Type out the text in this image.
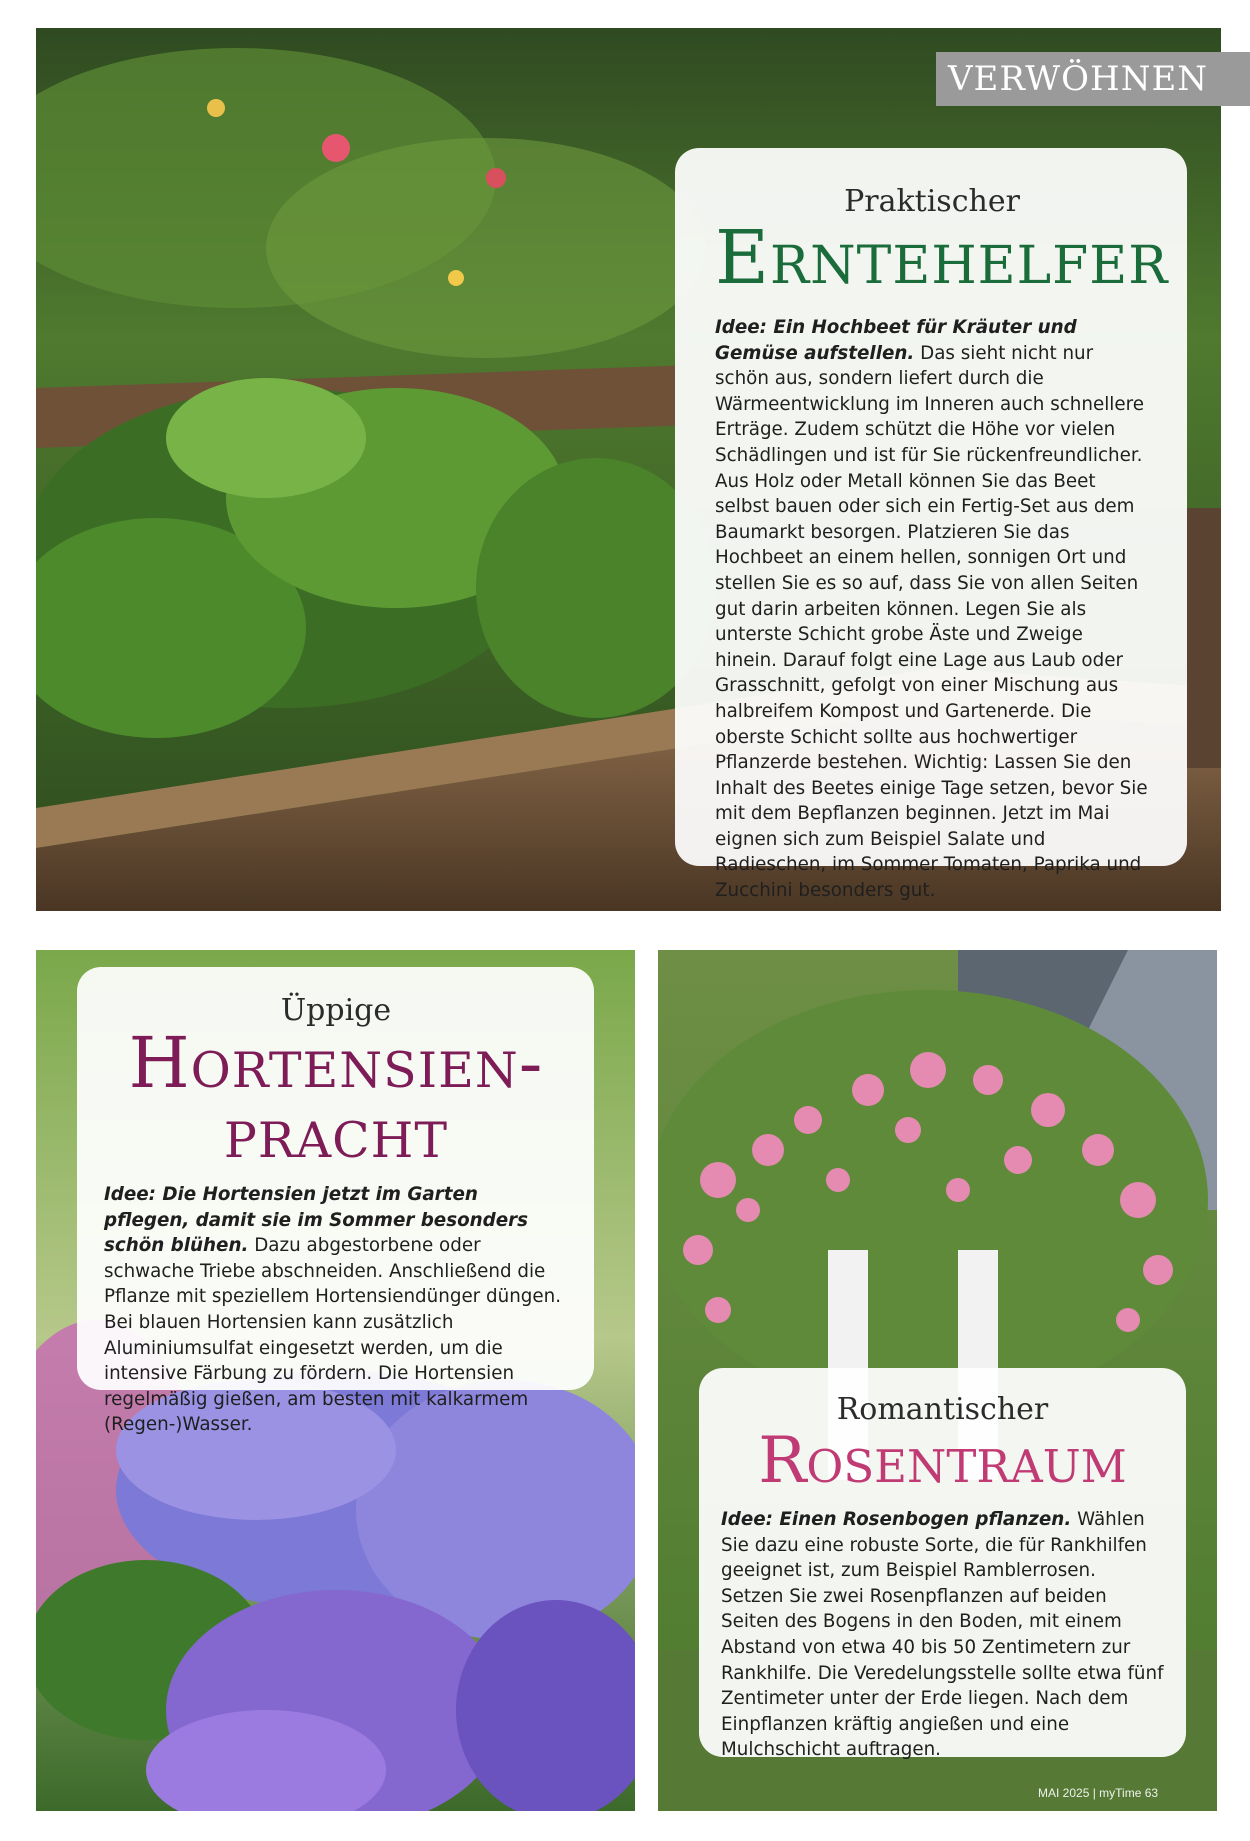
VERWÖHNEN
Praktischer
Erntehelfer
Idee: Ein Hochbeet für Kräuter und Gemüse aufstellen. Das sieht nicht nur schön aus, sondern liefert durch die Wärmeentwicklung im Inneren auch schnellere Erträge. Zudem schützt die Höhe vor vielen Schädlingen und ist für Sie rückenfreundlicher. Aus Holz oder Metall können Sie das Beet selbst bauen oder sich ein Fertig-Set aus dem Baumarkt besorgen. Platzieren Sie das Hochbeet an einem hellen, sonnigen Ort und stellen Sie es so auf, dass Sie von allen Seiten gut darin arbeiten können. Legen Sie als unterste Schicht grobe Äste und Zweige hinein. Darauf folgt eine Lage aus Laub oder Grasschnitt, gefolgt von einer Mischung aus halbreifem Kompost und Gartenerde. Die oberste Schicht sollte aus hochwertiger Pflanzerde bestehen. Wichtig: Lassen Sie den Inhalt des Beetes einige Tage setzen, bevor Sie mit dem Bepflanzen beginnen. Jetzt im Mai eignen sich zum Beispiel Salate und Radieschen, im Sommer Tomaten, Paprika und Zucchini besonders gut.
Üppige
Hortensien-
pracht
Idee: Die Hortensien jetzt im Garten pflegen, damit sie im Sommer besonders schön blühen. Dazu abgestorbene oder schwache Triebe abschneiden. Anschließend die Pflanze mit speziellem Hortensiendünger düngen. Bei blauen Hortensien kann zusätzlich Aluminiumsulfat eingesetzt werden, um die intensive Färbung zu fördern. Die Hortensien regelmäßig gießen, am besten mit kalkarmem (Regen-)Wasser.	Romantischer
Rosentraum
Idee: Einen Rosenbogen pflanzen. Wählen Sie dazu eine robuste Sorte, die für Rankhilfen geeignet ist, zum Beispiel Ramblerrosen. Setzen Sie zwei Rosenpflanzen auf beiden Seiten des Bogens in den Boden, mit einem Abstand von etwa 40 bis 50 Zentimetern zur Rankhilfe. Die Veredelungsstelle sollte etwa fünf Zentimeter unter der Erde liegen. Nach dem Einpflanzen kräftig angießen und eine Mulchschicht auftragen.
MAI 2025 | myTime 63
